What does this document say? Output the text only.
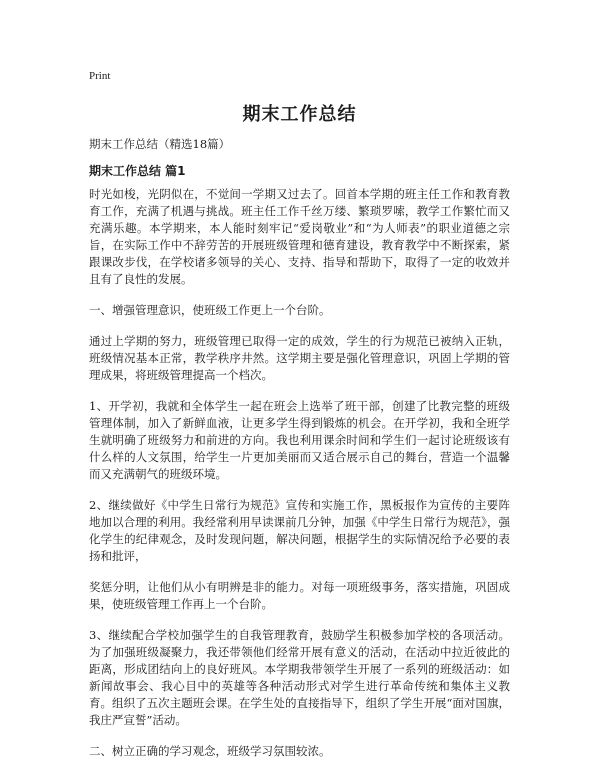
Print
期末工作总结
期末工作总结（精选18篇）
期末工作总结 篇1

时光如梭，光阴似在，不觉间一学期又过去了。回首本学期的班主任工作和教育教育工作，充满了机遇与挑战。班主任工作千丝万缕、繁琐罗嗦，教学工作繁忙而又充满乐趣。本学期来，本人能时刻牢记“爱岗敬业”和“为人师表”的职业道德之宗旨，在实际工作中不辞劳苦的开展班级管理和德育建设，教育教学中不断探索，紧跟课改步伐，在学校诸多领导的关心、支持、指导和帮助下，取得了一定的收效并且有了良性的发展。

一、增强管理意识，使班级工作更上一个台阶。

通过上学期的努力，班级管理已取得一定的成效，学生的行为规范已被纳入正轨，班级情况基本正常，教学秩序井然。这学期主要是强化管理意识，巩固上学期的管理成果，将班级管理提高一个档次。

1、开学初，我就和全体学生一起在班会上选举了班干部，创建了比教完整的班级管理体制，加入了新鲜血液，让更多学生得到锻炼的机会。在开学初，我和全班学生就明确了班级努力和前进的方向。我也利用课余时间和学生们一起讨论班级该有什么样的人文氛围，给学生一片更加美丽而又适合展示自己的舞台，营造一个温馨而又充满朝气的班级环境。

2、继续做好《中学生日常行为规范》宣传和实施工作，黑板报作为宣传的主要阵地加以合理的利用。我经常利用早读课前几分钟，加强《中学生日常行为规范》，强化学生的纪律观念，及时发现问题，解决问题，根据学生的实际情况给予必要的表扬和批评，

奖惩分明，让他们从小有明辨是非的能力。对每一项班级事务，落实措施，巩固成果，使班级管理工作再上一个台阶。

3、继续配合学校加强学生的自我管理教育，鼓励学生积极参加学校的各项活动。为了加强班级凝聚力，我还带领他们经常开展有意义的活动，在活动中拉近彼此的距离，形成团结向上的良好班风。本学期我带领学生开展了一系列的班级活动：如新闻故事会、我心目中的英雄等各种活动形式对学生进行革命传统和集体主义教育。组织了五次主题班会课。在学生处的直接指导下，组织了学生开展“面对国旗，我庄严宣誓”活动。

二、树立正确的学习观念，班级学习氛围较浓。
